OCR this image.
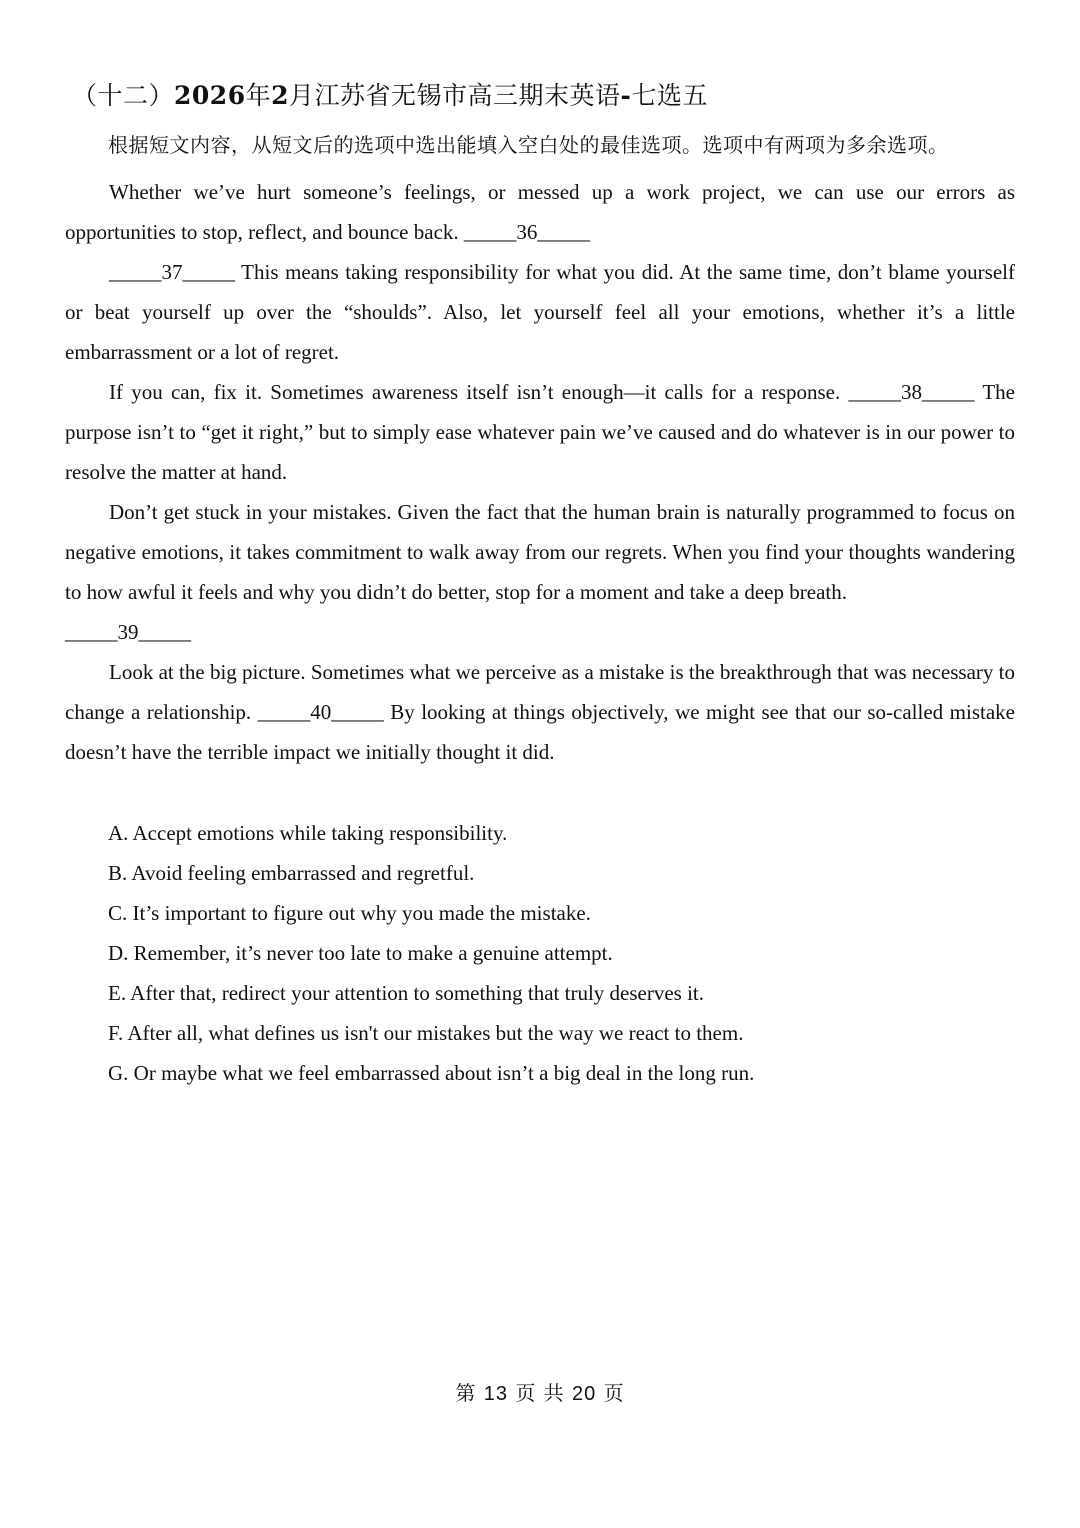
（十二）2026年2月江苏省无锡市高三期末英语-七选五
根据短文内容，从短文后的选项中选出能填入空白处的最佳选项。选项中有两项为多余选项。

Whether we’ve hurt someone’s feelings, or messed up a work project, we can use our errors as opportunities to stop, reflect, and bounce back. _____36_____

_____37_____ This means taking responsibility for what you did. At the same time, don’t blame yourself or beat yourself up over the “shoulds”. Also, let yourself feel all your emotions, whether it’s a little embarrassment or a lot of regret.

If you can, fix it. Sometimes awareness itself isn’t enough—it calls for a response. _____38_____ The purpose isn’t to “get it right,” but to simply ease whatever pain we’ve caused and do whatever is in our power to resolve the matter at hand.

Don’t get stuck in your mistakes. Given the fact that the human brain is naturally programmed to focus on negative emotions, it takes commitment to walk away from our regrets. When you find your thoughts wandering to how awful it feels and why you didn’t do better, stop for a moment and take a deep breath.

_____39_____

Look at the big picture. Sometimes what we perceive as a mistake is the breakthrough that was necessary to change a relationship. _____40_____ By looking at things objectively, we might see that our so-called mistake doesn’t have the terrible impact we initially thought it did.

A. Accept emotions while taking responsibility.
B. Avoid feeling embarrassed and regretful.
C. It’s important to figure out why you made the mistake.
D. Remember, it’s never too late to make a genuine attempt.
E. After that, redirect your attention to something that truly deserves it.
F. After all, what defines us isn't our mistakes but the way we react to them.
G. Or maybe what we feel embarrassed about isn’t a big deal in the long run.
第 13 页 共 20 页
